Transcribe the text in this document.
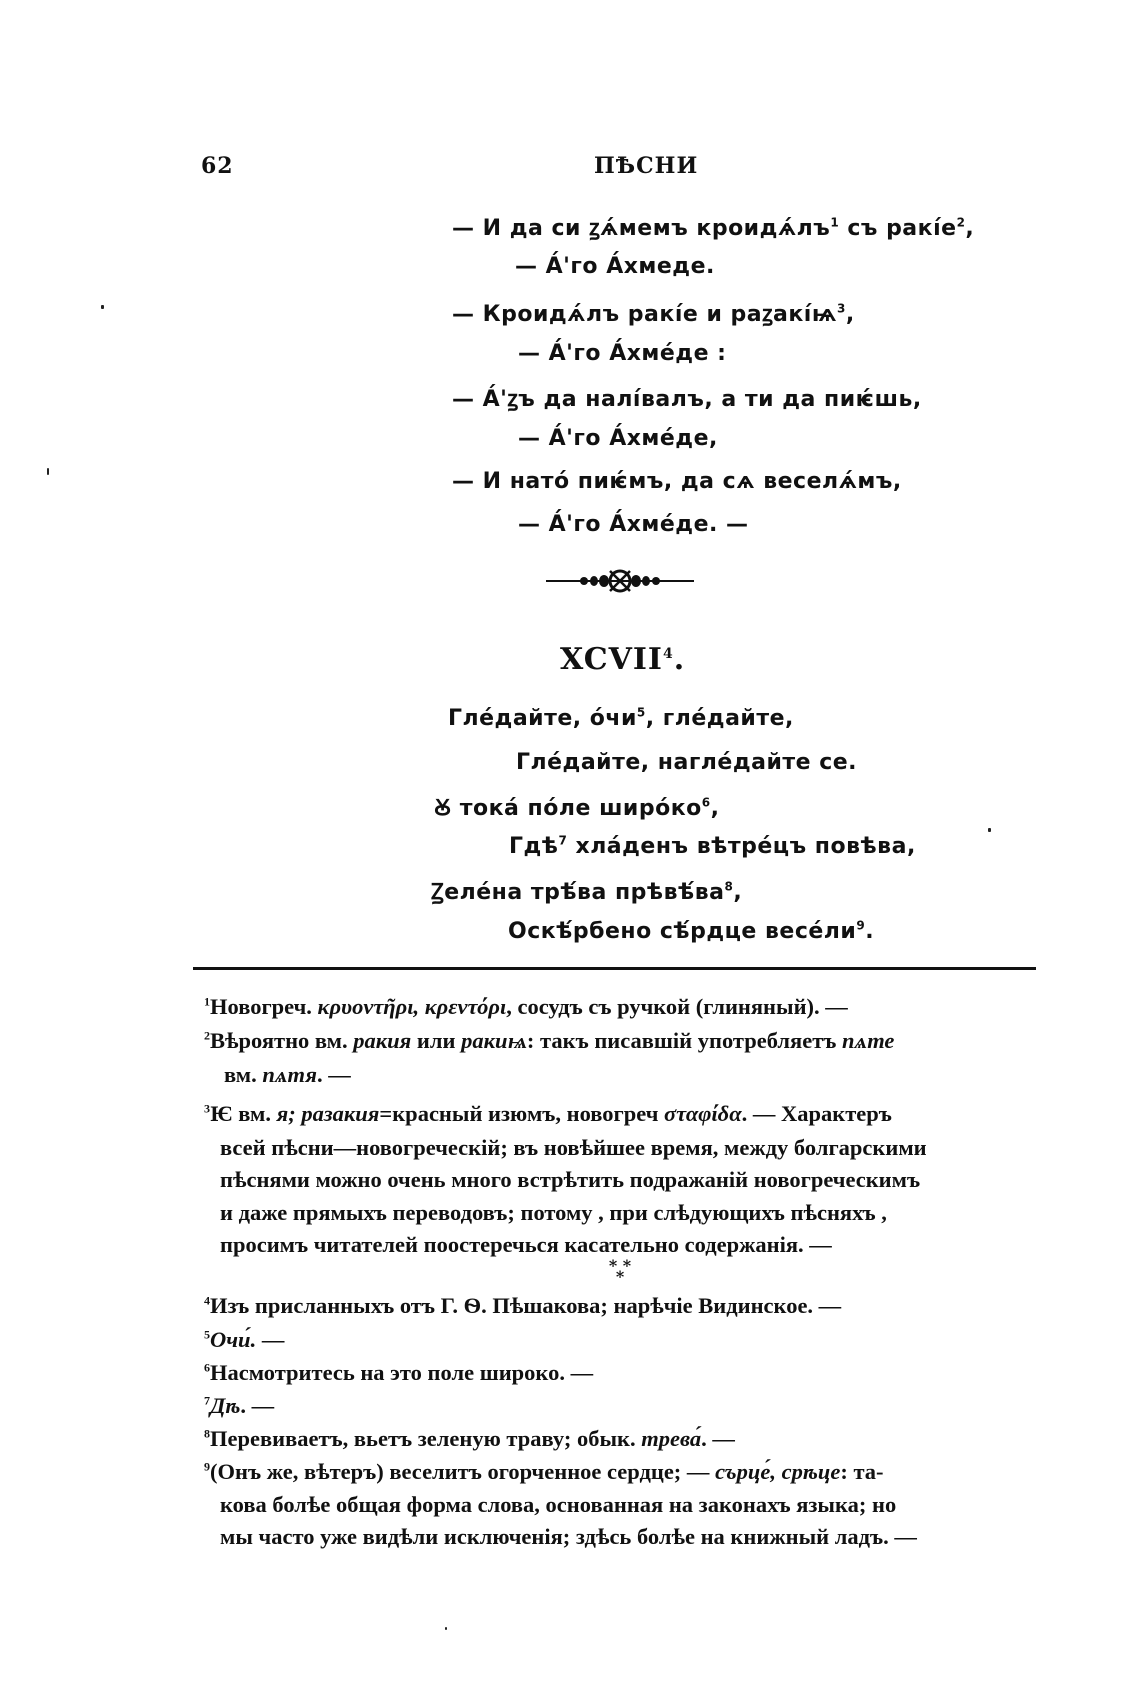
62	ПѢСНИ
— И да си ꙁѧ́мемъ $кроидѧ́лъ^1$ съ $ракі́е^2$,
— А́'го А́хмеде.
— Кроидѧ́лъ ракі́е и $раꙁакі́ѩ^3$,
— А́'го А́хме́де :
— А́'ꙁъ да налі́валъ, а ти да пиѥ́шь,
— А́'го А́хме́де,
— И нато́ пиѥ́мъ, да сѧ веселѧ́мъ,
— А́'го А́хме́де. —
XCVII$^4$.
Гле́дайте, $о́чи^5$, гле́дайте,
Гле́дайте, нагле́дайте се.
Ꙋ тока́ по́ле $широ́ко^6$,
Гдѣ$^7$ хла́денъ вѣтре́цъ повѣва,
Ꙁеле́на трѣ́ва $прѣвѣ́ва^8$,
Оскѣ́рбено сѣ́рдце $весе́ли^9$.
$^1$Новогреч. κρυοντῆρι, κρεντόρι, сосудъ съ ручкой (глиняный). —
$^2$Вѣроятно вм. ракия или ракиѩ: такъ писавшій употребляетъ пѧте
вм. пѧтя. —
$^3$Ѥ вм. я; разакия=красный изюмъ, новогреч σταφίδα. — Характеръ
всей пѣсни—новогреческій; въ новѣйшее время, между болгарскими
пѣснями можно очень много встрѣтить подражаній новогреческимъ
и даже прямыхъ переводовъ; потому , при слѣдующихъ пѣсняхъ ,
просимъ читателей поостеречься касательно содержанія. —
* *
*
$^4$Изъ присланныхъ отъ Г. Ѳ. Пѣшакова; нарѣчіе Видинское. —
$^5$Очи́. —
$^6$Насмотритесь на это поле широко. —
$^7$Дѣ. —
$^8$Перевиваетъ, вьетъ зеленую траву; обык. трева́. —
$^9$(Онъ же, вѣтеръ) веселитъ огорченное сердце; — сърце́, срѣце: та-
кова болѣе общая форма слова, основанная на законахъ языка; но
мы часто уже видѣли исключенія; здѣсь болѣе на книжный ладъ. —
